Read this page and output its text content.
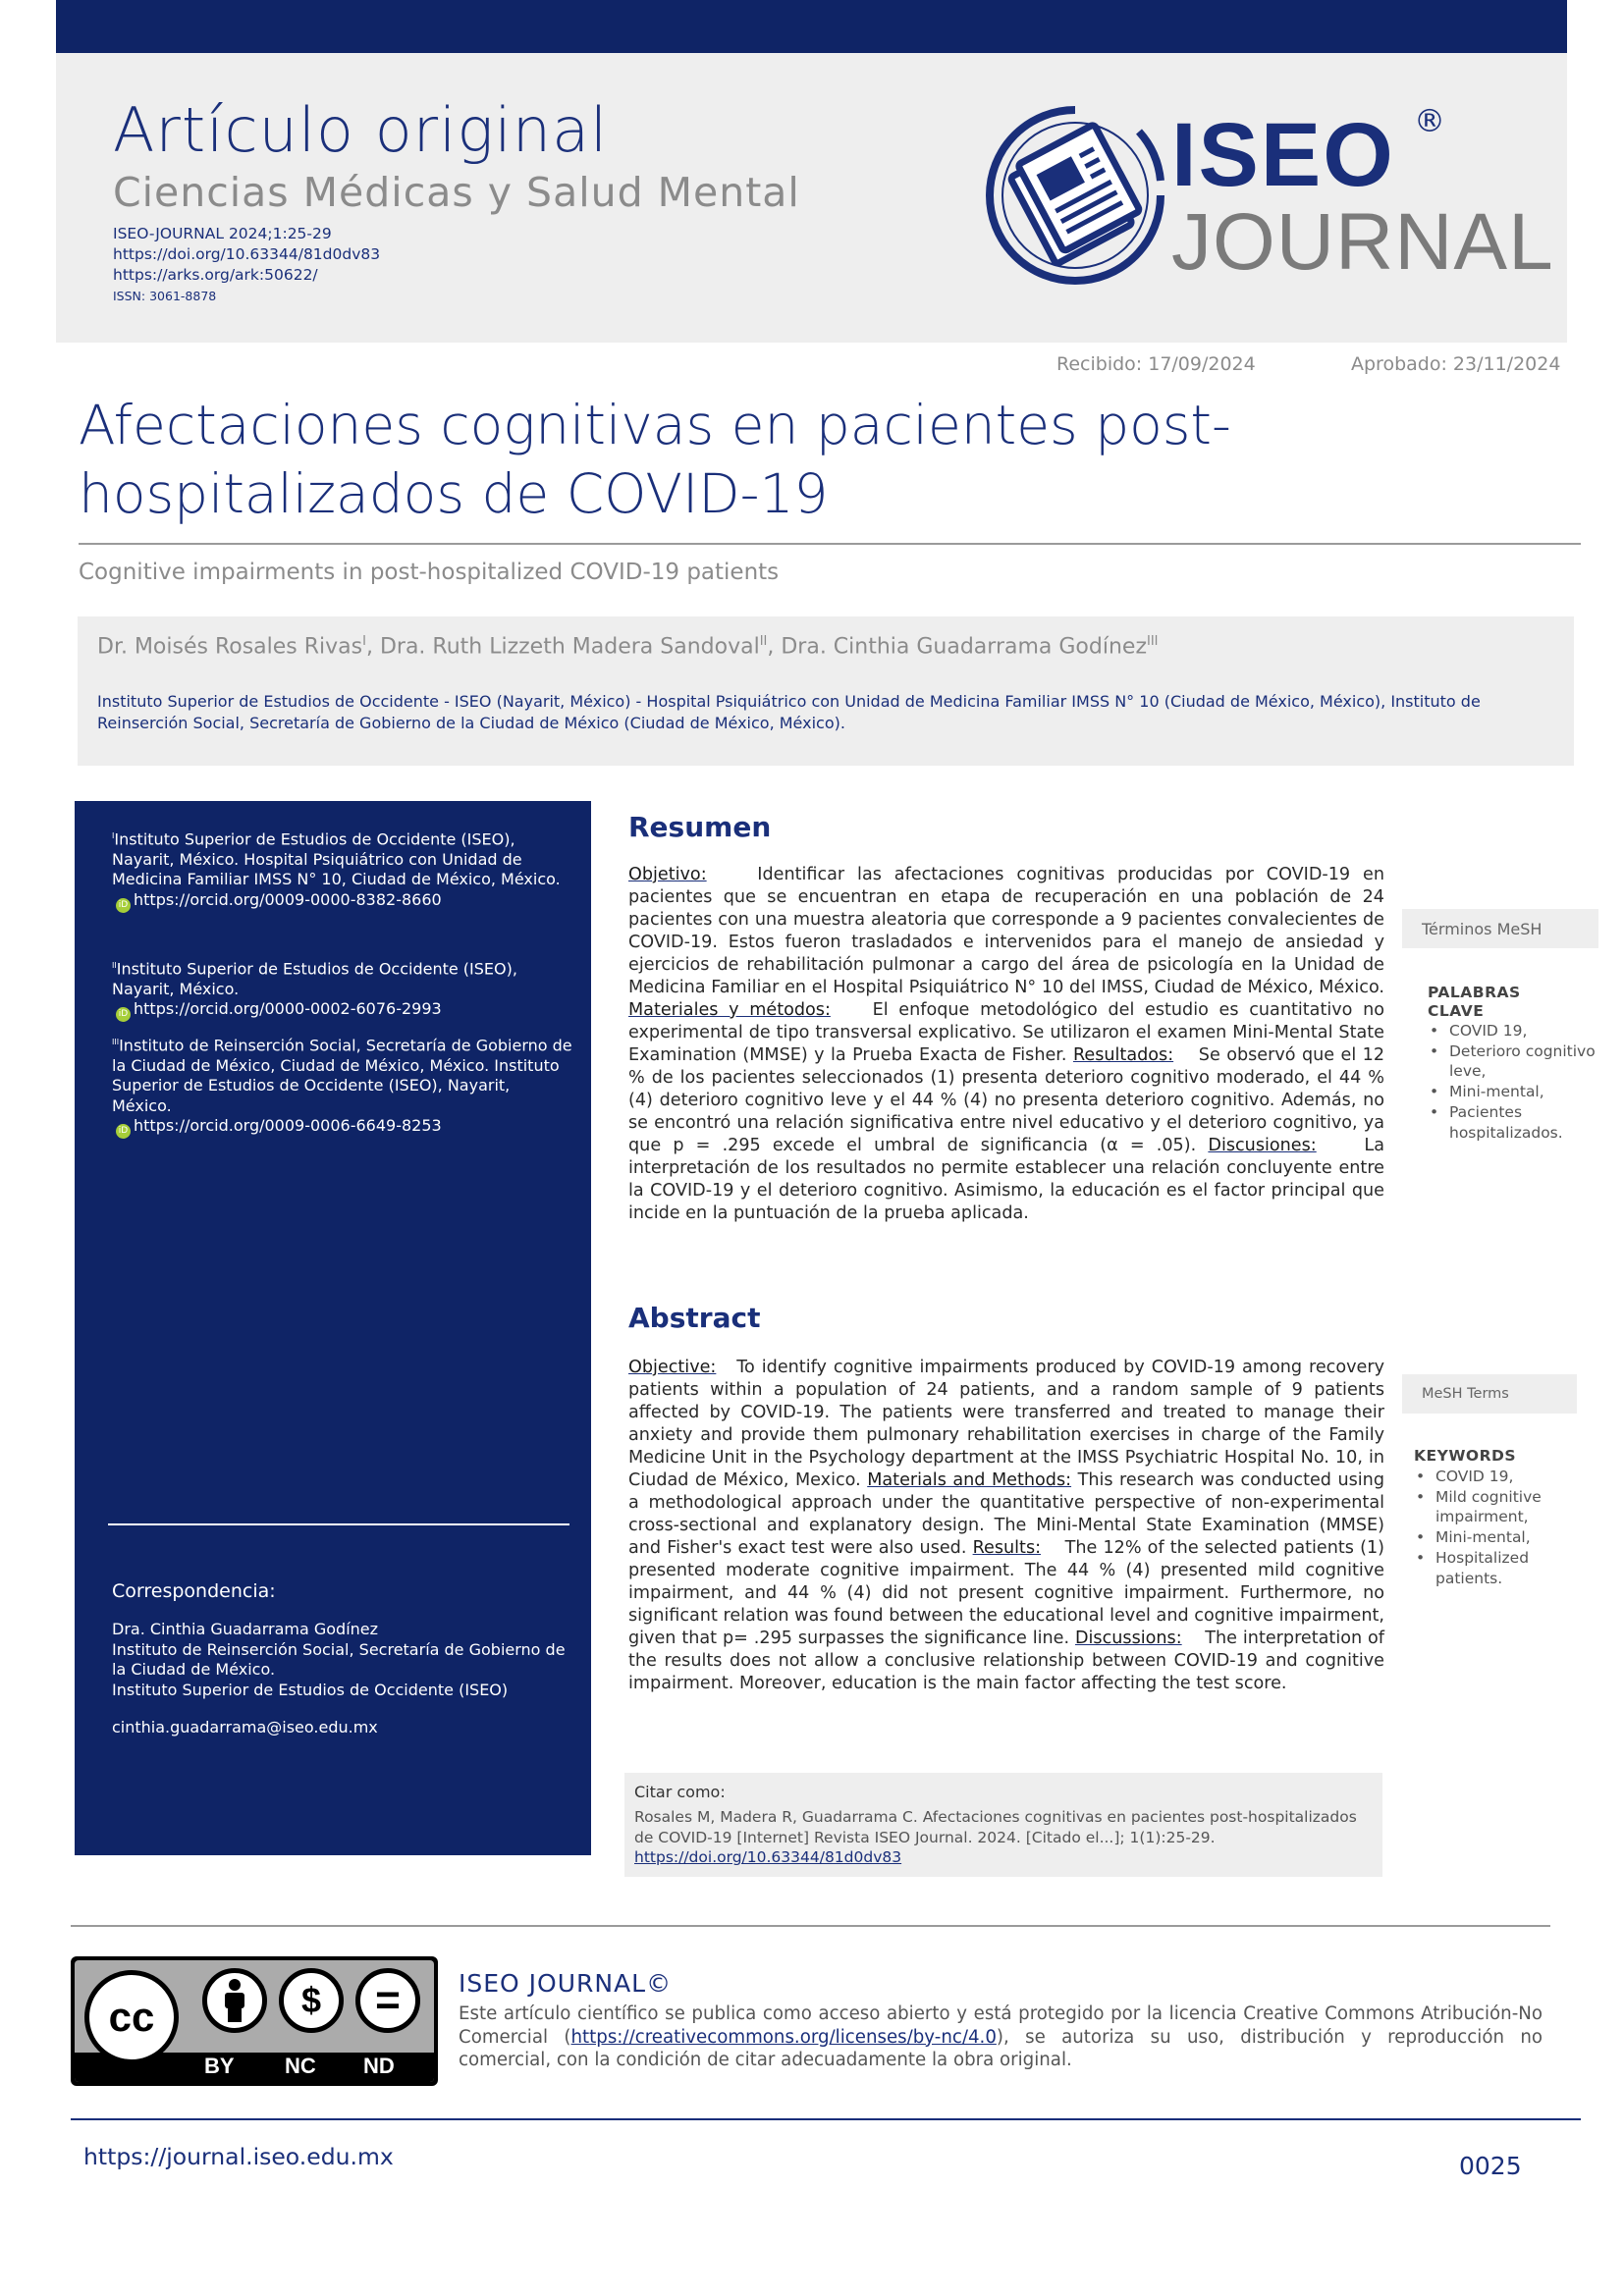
Artículo original
Ciencias Médicas y Salud Mental
ISEO-JOURNAL 2024;1:25-29
https://doi.org/10.63344/81d0dv83
https://arks.org/ark:50622/
ISSN: 3061-8878
ISEO ®
JOURNAL
Recibido: 17/09/2024	Aprobado: 23/11/2024
Afectaciones cognitivas en pacientes post-hospitalizados de COVID-19
Cognitive impairments in post-hospitalized COVID-19 patients
Dr. Moisés Rosales Rivas$^I$, Dra. Ruth Lizzeth Madera Sandoval$^{II}$, Dra. Cinthia Guadarrama Godínez$^{III}$
Instituto Superior de Estudios de Occidente - ISEO (Nayarit, México) - Hospital Psiquiátrico con Unidad de Medicina Familiar IMSS N° 10 (Ciudad de México, México), Instituto de Reinserción Social, Secretaría de Gobierno de la Ciudad de México (Ciudad de México, México).
$^I$Instituto Superior de Estudios de Occidente (ISEO), Nayarit, México. Hospital Psiquiátrico con Unidad de Medicina Familiar IMSS N° 10, Ciudad de México, México.
iD https://orcid.org/0009-0000-8382-8660
$^{II}$Instituto Superior de Estudios de Occidente (ISEO), Nayarit, México.
iD https://orcid.org/0000-0002-6076-2993
$^{III}$Instituto de Reinserción Social, Secretaría de Gobierno de la Ciudad de México, Ciudad de México, México. Instituto Superior de Estudios de Occidente (ISEO), Nayarit, México.
iD https://orcid.org/0009-0006-6649-8253
Correspondencia:
Dra. Cinthia Guadarrama Godínez
Instituto de Reinserción Social, Secretaría de Gobierno de la Ciudad de México.
Instituto Superior de Estudios de Occidente (ISEO)
cinthia.guadarrama@iseo.edu.mx
Resumen
Objetivo:	Identificar las afectaciones cognitivas producidas por COVID-19 en pacientes que se encuentran en etapa de recuperación en una población de 24 pacientes con una muestra aleatoria que corresponde a 9 pacientes convalecientes de COVID-19. Estos fueron trasladados e intervenidos para el manejo de ansiedad y ejercicios de rehabilitación pulmonar a cargo del área de psicología en la Unidad de Medicina Familiar en el Hospital Psiquiátrico N° 10 del IMSS, Ciudad de México, México. Materiales y métodos: El enfoque metodológico del estudio es cuantitativo no experimental de tipo transversal explicativo. Se utilizaron el examen Mini-Mental State Examination (MMSE) y la Prueba Exacta de Fisher. Resultados: Se observó que el 12 % de los pacientes seleccionados (1) presenta deterioro cognitivo moderado, el 44 % (4) deterioro cognitivo leve y el 44 % (4) no presenta deterioro cognitivo. Además, no se encontró una relación significativa entre nivel educativo y el deterioro cognitivo, ya que p = .295 excede el umbral de significancia (α = .05). Discusiones:	La interpretación de los resultados no permite establecer una relación concluyente entre la COVID-19 y el deterioro cognitivo. Asimismo, la educación es el factor principal que incide en la puntuación de la prueba aplicada.
Términos MeSH
PALABRAS
CLAVE
• COVID 19,
• Deterioro cognitivo leve,
• Mini-mental,
• Pacientes hospitalizados.
Abstract
Objective: To identify cognitive impairments produced by COVID-19 among recovery patients within a population of 24 patients, and a random sample of 9 patients affected by COVID-19. The patients were transferred and treated to manage their anxiety and provide them pulmonary rehabilitation exercises in charge of the Family Medicine Unit in the Psychology department at the IMSS Psychiatric Hospital No. 10, in Ciudad de México, Mexico. Materials and Methods: This research was conducted using a methodological approach under the quantitative perspective of non-experimental cross-sectional and explanatory design. The Mini-Mental State Examination (MMSE) and Fisher's exact test were also used. Results: The 12% of the selected patients (1) presented moderate cognitive impairment. The 44 % (4) presented mild cognitive impairment, and 44 % (4) did not present cognitive impairment. Furthermore, no significant relation was found between the educational level and cognitive impairment, given that p= .295 surpasses the significance line. Discussions: The interpretation of the results does not allow a conclusive relationship between COVID-19 and cognitive impairment. Moreover, education is the main factor affecting the test score.
MeSH Terms
KEYWORDS
• COVID 19,
• Mild cognitive impairment,
• Mini-mental,
• Hospitalized patients.
Citar como:
Rosales M, Madera R, Guadarrama C. Afectaciones cognitivas en pacientes post-hospitalizados de COVID-19 [Internet] Revista ISEO Journal. 2024. [Citado el...]; 1(1):25-29.
https://doi.org/10.63344/81d0dv83
cc	$	=
BY NC ND
ISEO JOURNAL©
Este artículo científico se publica como acceso abierto y está protegido por la licencia Creative Commons Atribución-No Comercial (https://creativecommons.org/licenses/by-nc/4.0), se autoriza su uso, distribución y reproducción no comercial, con la condición de citar adecuadamente la obra original.
https://journal.iseo.edu.mx	0025
